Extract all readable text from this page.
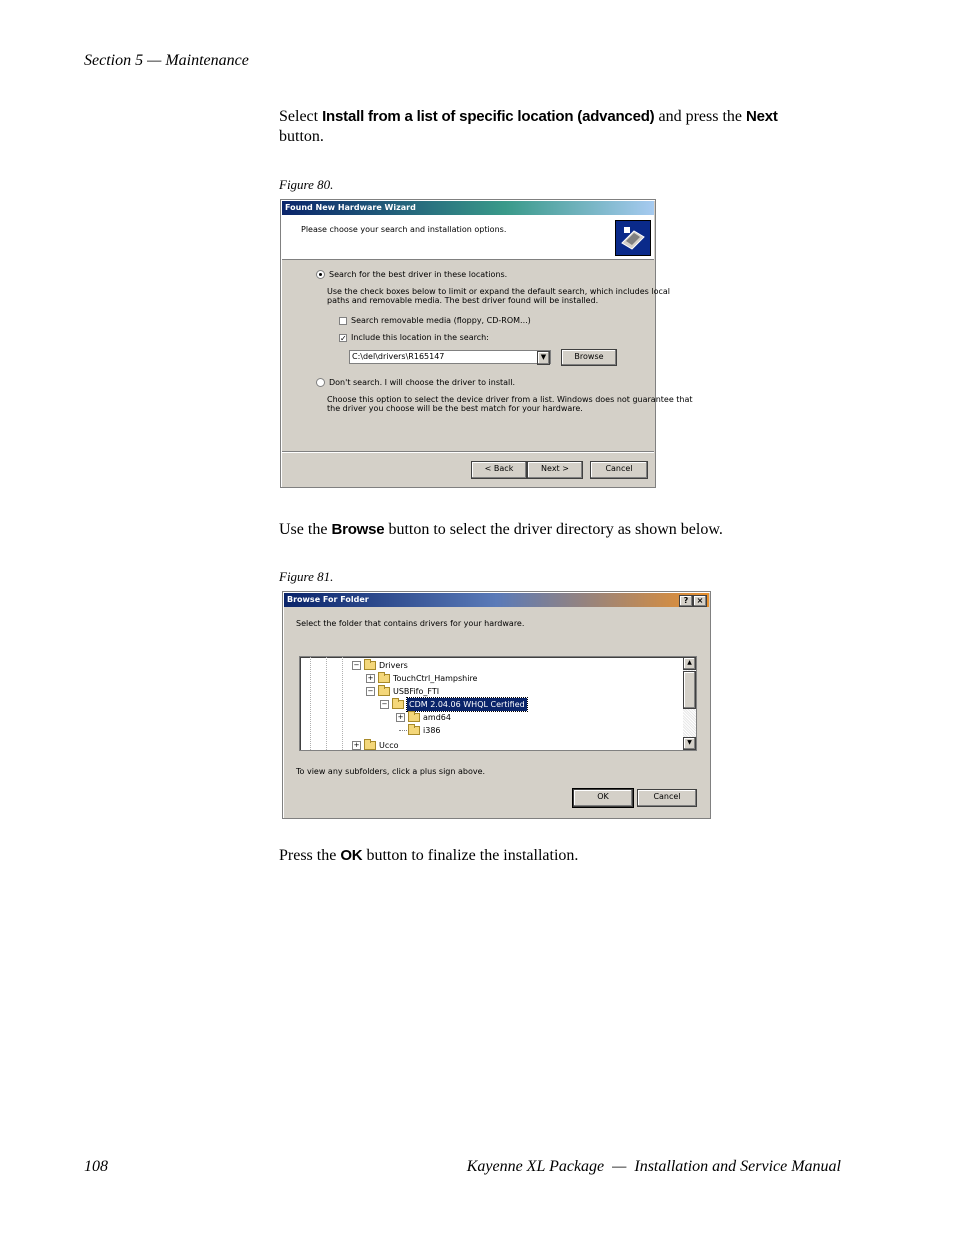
Section 5 — Maintenance
Select Install from a list of specific location (advanced) and press the Next
button.
Figure 80.
Found New Hardware Wizard
Please choose your search and installation options.
Search for the best driver in these locations.
Use the check boxes below to limit or expand the default search, which includes local
paths and removable media. The best driver found will be installed.
Search removable media (floppy, CD-ROM...)
✓ Include this location in the search:
C:\del\drivers\R165147	▼	Browse
Don't search. I will choose the driver to install.
Choose this option to select the device driver from a list. Windows does not guarantee that
the driver you choose will be the best match for your hardware.
< Back	Next >	Cancel
Use the Browse button to select the driver directory as shown below.
Figure 81.
Browse For Folder	?	×
Select the folder that contains drivers for your hardware.
− Drivers
+ TouchCtrl_Hampshire
− USBFifo_FTI
−	CDM 2.04.06 WHQL Certified
+ amd64
i386
+ Ucco
▲
▼
To view any subfolders, click a plus sign above.
OK	Cancel
Press the OK button to finalize the installation.
108	Kayenne XL Package  —  Installation and Service Manual
